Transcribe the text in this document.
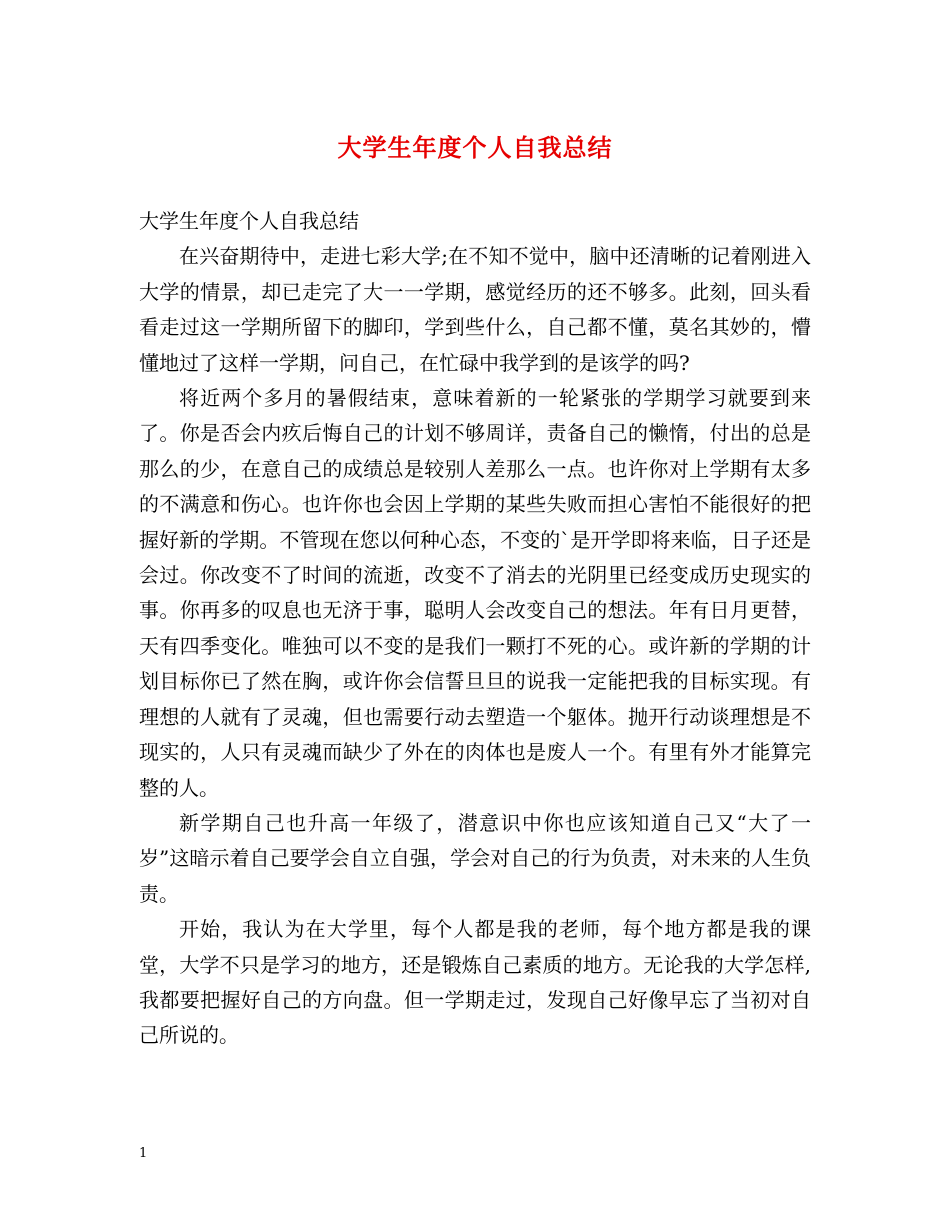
大学生年度个人自我总结

大学生年度个人自我总结

在兴奋期待中，走进七彩大学;在不知不觉中，脑中还清晰的记着刚进入大学的情景，却已走完了大一一学期，感觉经历的还不够多。此刻，回头看看走过这一学期所留下的脚印，学到些什么，自己都不懂，莫名其妙的，懵懂地过了这样一学期，问自己，在忙碌中我学到的是该学的吗?

将近两个多月的暑假结束，意味着新的一轮紧张的学期学习就要到来了。你是否会内疚后悔自己的计划不够周详，责备自己的懒惰，付出的总是那么的少，在意自己的成绩总是较别人差那么一点。也许你对上学期有太多的不满意和伤心。也许你也会因上学期的某些失败而担心害怕不能很好的把握好新的学期。不管现在您以何种心态，不变的`是开学即将来临，日子还是会过。你改变不了时间的流逝，改变不了消去的光阴里已经变成历史现实的事。你再多的叹息也无济于事，聪明人会改变自己的想法。年有日月更替，天有四季变化。唯独可以不变的是我们一颗打不死的心。或许新的学期的计划目标你已了然在胸，或许你会信誓旦旦的说我一定能把我的目标实现。有理想的人就有了灵魂，但也需要行动去塑造一个躯体。抛开行动谈理想是不现实的，人只有灵魂而缺少了外在的肉体也是废人一个。有里有外才能算完整的人。

新学期自己也升高一年级了，潜意识中你也应该知道自己又“大了一岁”这暗示着自己要学会自立自强，学会对自己的行为负责，对未来的人生负责。

开始，我认为在大学里，每个人都是我的老师，每个地方都是我的课堂，大学不只是学习的地方，还是锻炼自己素质的地方。无论我的大学怎样,我都要把握好自己的方向盘。但一学期走过，发现自己好像早忘了当初对自己所说的。

1
